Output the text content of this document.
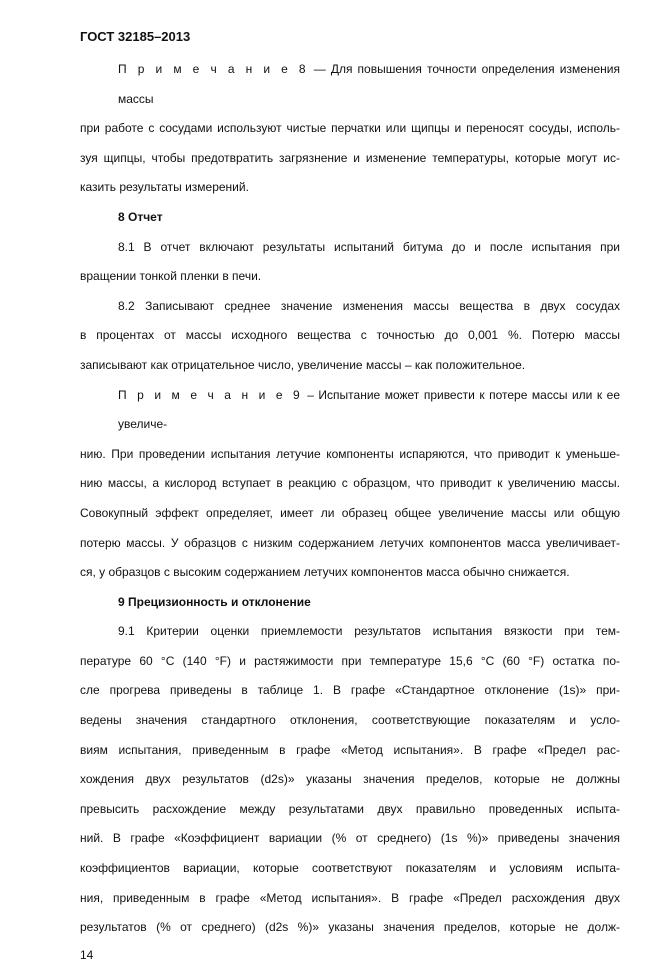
ГОСТ 32185–2013
П р и м е ч а н и е 8 — Для повышения точности определения изменения массы
при работе с сосудами используют чистые перчатки или щипцы и переносят сосуды, исполь-
зуя щипцы, чтобы предотвратить загрязнение и изменение температуры, которые могут ис-
казить результаты измерений.
8 Отчет
8.1 В отчет включают результаты испытаний битума до и после испытания при
вращении тонкой пленки в печи.
8.2 Записывают среднее значение изменения массы вещества в двух сосудах
в процентах от массы исходного вещества с точностью до 0,001 %. Потерю массы
записывают как отрицательное число, увеличение массы – как положительное.
П р и м е ч а н и е 9 – Испытание может привести к потере массы или к ее увеличе-
нию. При проведении испытания летучие компоненты испаряются, что приводит к уменьше-
нию массы, а кислород вступает в реакцию с образцом, что приводит к увеличению массы.
Совокупный эффект определяет, имеет ли образец общее увеличение массы или общую
потерю массы. У образцов с низким содержанием летучих компонентов масса увеличивает-
ся, у образцов с высоким содержанием летучих компонентов масса обычно снижается.
9 Прецизионность и отклонение
9.1 Критерии оценки приемлемости результатов испытания вязкости при тем-
пературе 60 °С (140 °F) и растяжимости при температуре 15,6 °С (60 °F) остатка по-
сле прогрева приведены в таблице 1. В графе «Стандартное отклонение (1s)» при-
ведены значения стандартного отклонения, соответствующие показателям и усло-
виям испытания, приведенным в графе «Метод испытания». В графе «Предел рас-
хождения двух результатов (d2s)» указаны значения пределов, которые не должны
превысить расхождение между результатами двух правильно проведенных испыта-
ний. В графе «Коэффициент вариации (% от среднего) (1s %)» приведены значения
коэффициентов вариации, которые соответствуют показателям и условиям испыта-
ния, приведенным в графе «Метод испытания». В графе «Предел расхождения двух
результатов (% от среднего) (d2s %)» указаны значения пределов, которые не долж-
14
